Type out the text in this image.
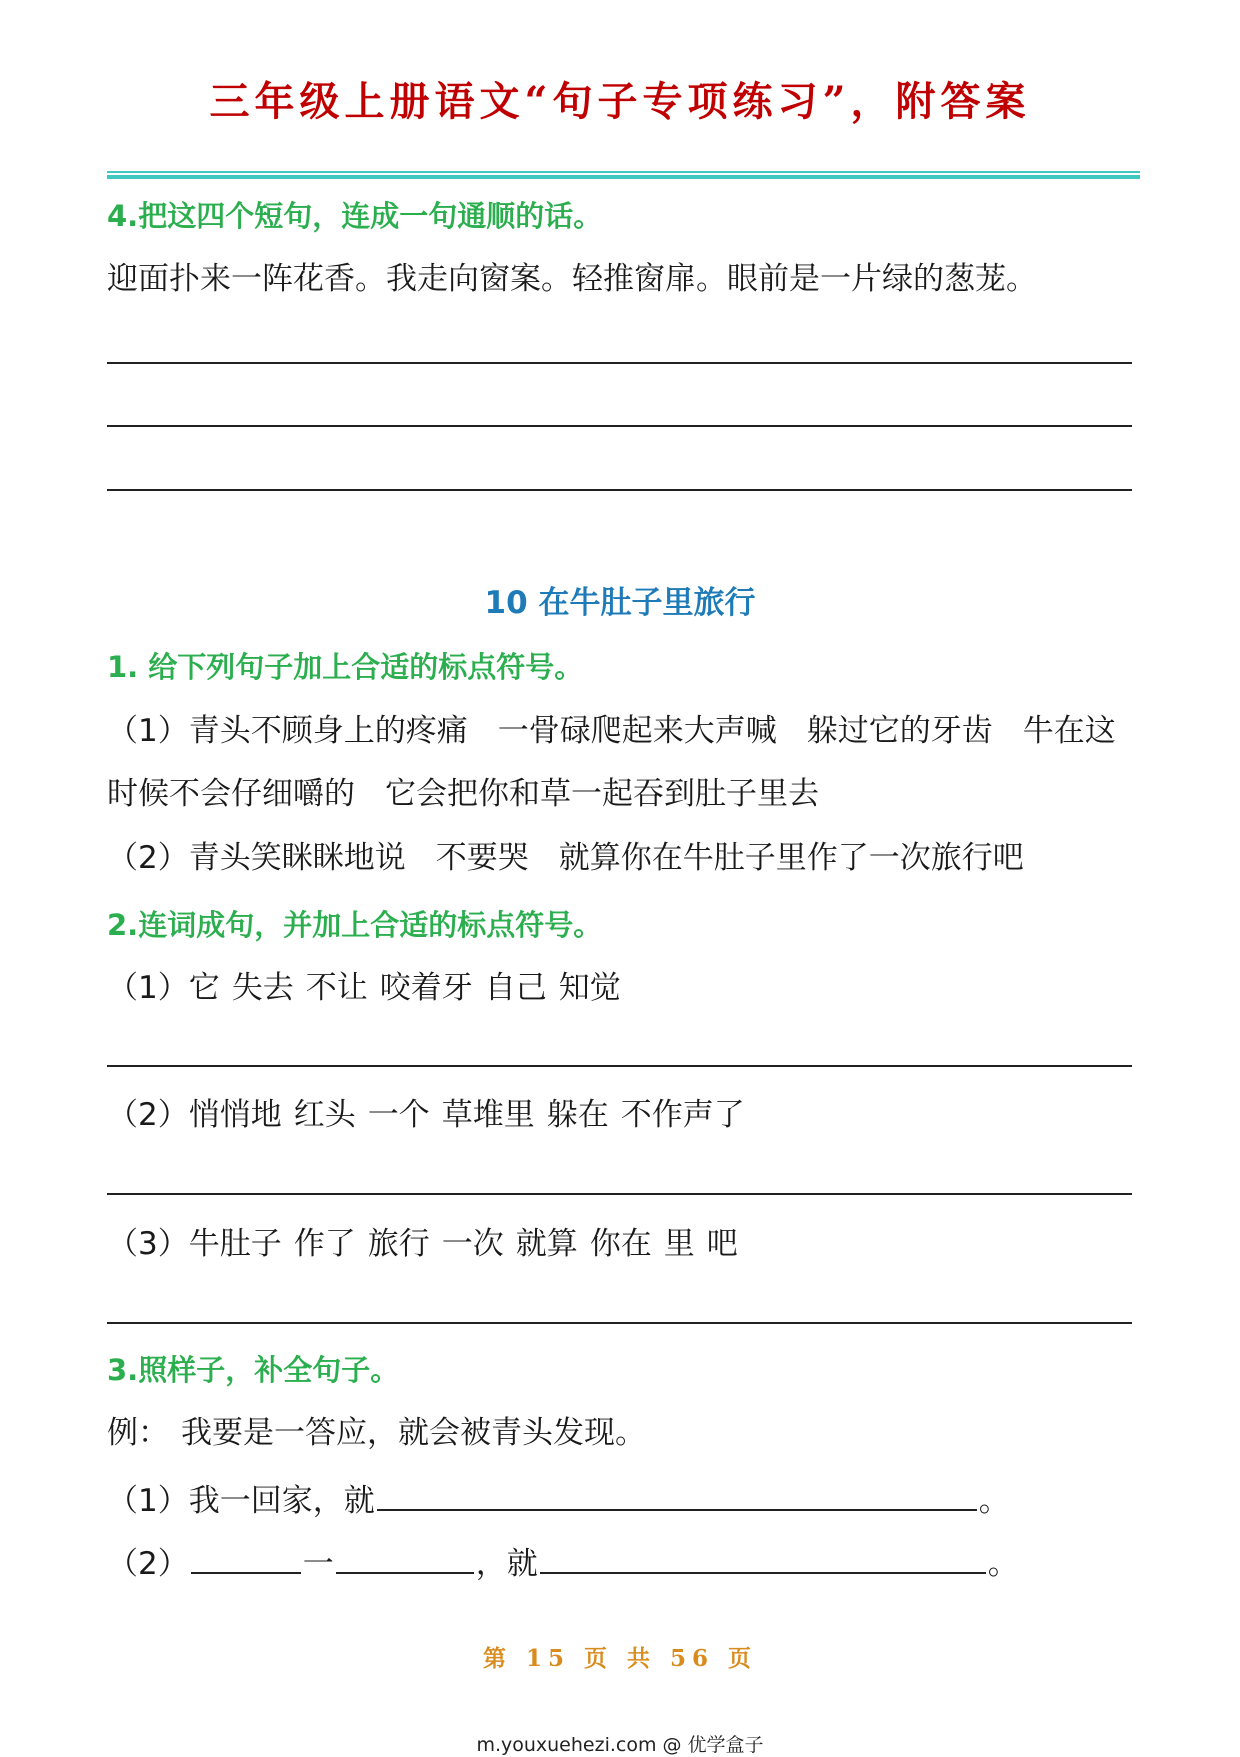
三年级上册语文“句子专项练习”，附答案
4.把这四个短句，连成一句通顺的话。
迎面扑来一阵花香。我走向窗案。轻推窗扉。眼前是一片绿的葱茏。
10 在牛肚子里旅行
1. 给下列句子加上合适的标点符号。
（1）青头不顾身上的疼痛 一骨碌爬起来大声喊 躲过它的牙齿 牛在这
时候不会仔细嚼的 它会把你和草一起吞到肚子里去
（2）青头笑眯眯地说 不要哭 就算你在牛肚子里作了一次旅行吧
2.连词成句，并加上合适的标点符号。
（1）它 失去 不让 咬着牙 自己 知觉
（2）悄悄地 红头 一个 草堆里 躲在 不作声了
（3）牛肚子 作了 旅行 一次 就算 你在 里 吧
3.照样子，补全句子。
例： 我要是一答应，就会被青头发现。
（1）我一回家，就	。
（2）	一	，就	。
第 15 页 共 56 页
m.youxuehezi.com @ 优学盒子
